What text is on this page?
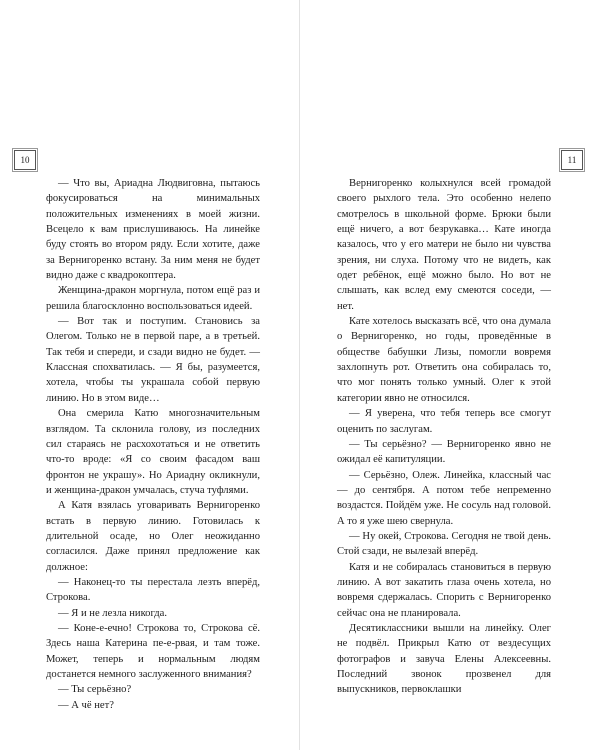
10	11

— Что вы, Ариадна Людвиговна, пытаюсь фокусироваться на минимальных положительных изменениях в моей жизни. Всецело к вам прислушиваюсь. На линейке буду стоять во втором ряду. Если хотите, даже за Вернигоренко встану. За ним меня не будет видно даже с квадрокоптера.

Женщина-дракон моргнула, потом ещё раз и решила благосклонно воспользоваться идеей.

— Вот так и поступим. Становись за Олегом. Только не в первой паре, а в третьей. Так тебя и спереди, и сзади видно не будет. — Классная спохватилась. — Я бы, разумеется, хотела, чтобы ты украшала собой первую линию. Но в этом виде…

Она смерила Катю многозначительным взглядом. Та склонила голову, из последних сил стараясь не расхохотаться и не ответить что-то вроде: «Я со своим фасадом ваш фронтон не украшу». Но Ариадну окликнули, и женщина-дракон умчалась, стуча туфлями.

А Катя взялась уговаривать Вернигоренко встать в первую линию. Готовилась к длительной осаде, но Олег неожиданно согласился. Даже принял предложение как должное:

— Наконец-то ты перестала лезть вперёд, Строкова.

— Я и не лезла никогда.

— Коне-е-ечно! Строкова то, Строкова сё. Здесь наша Катерина пе-е-рвая, и там тоже. Может, теперь и нормальным людям достанется немного заслуженного внимания?

— Ты серьёзно?

— А чё нет?

Вернигоренко колыхнулся всей громадой своего рыхлого тела. Это особенно нелепо смотрелось в школьной форме. Брюки были ещё ничего, а вот безрукавка… Кате иногда казалось, что у его матери не было ни чувства зрения, ни слуха. Потому что не видеть, как одет ребёнок, ещё можно было. Но вот не слышать, как вслед ему смеются соседи, — нет.

Кате хотелось высказать всё, что она думала о Вернигоренко, но годы, проведённые в обществе бабушки Лизы, помогли вовремя захлопнуть рот. Ответить она собиралась то, что мог понять только умный. Олег к этой категории явно не относился.

— Я уверена, что тебя теперь все смогут оценить по заслугам.

— Ты серьёзно? — Вернигоренко явно не ожидал её капитуляции.

— Серьёзно, Олеж. Линейка, классный час — до сентября. А потом тебе непременно воздастся. Пойдём уже. Не сосуль над головой. А то я уже шею свернула.

— Ну окей, Строкова. Сегодня не твой день. Стой сзади, не вылезай вперёд.

Катя и не собиралась становиться в первую линию. А вот закатить глаза очень хотела, но вовремя сдержалась. Спорить с Вернигоренко сейчас она не планировала.

Десятиклассники вышли на линейку. Олег не подвёл. Прикрыл Катю от вездесущих фотографов и завуча Елены Алексеевны. Последний звонок прозвенел для выпускников, первоклашки
